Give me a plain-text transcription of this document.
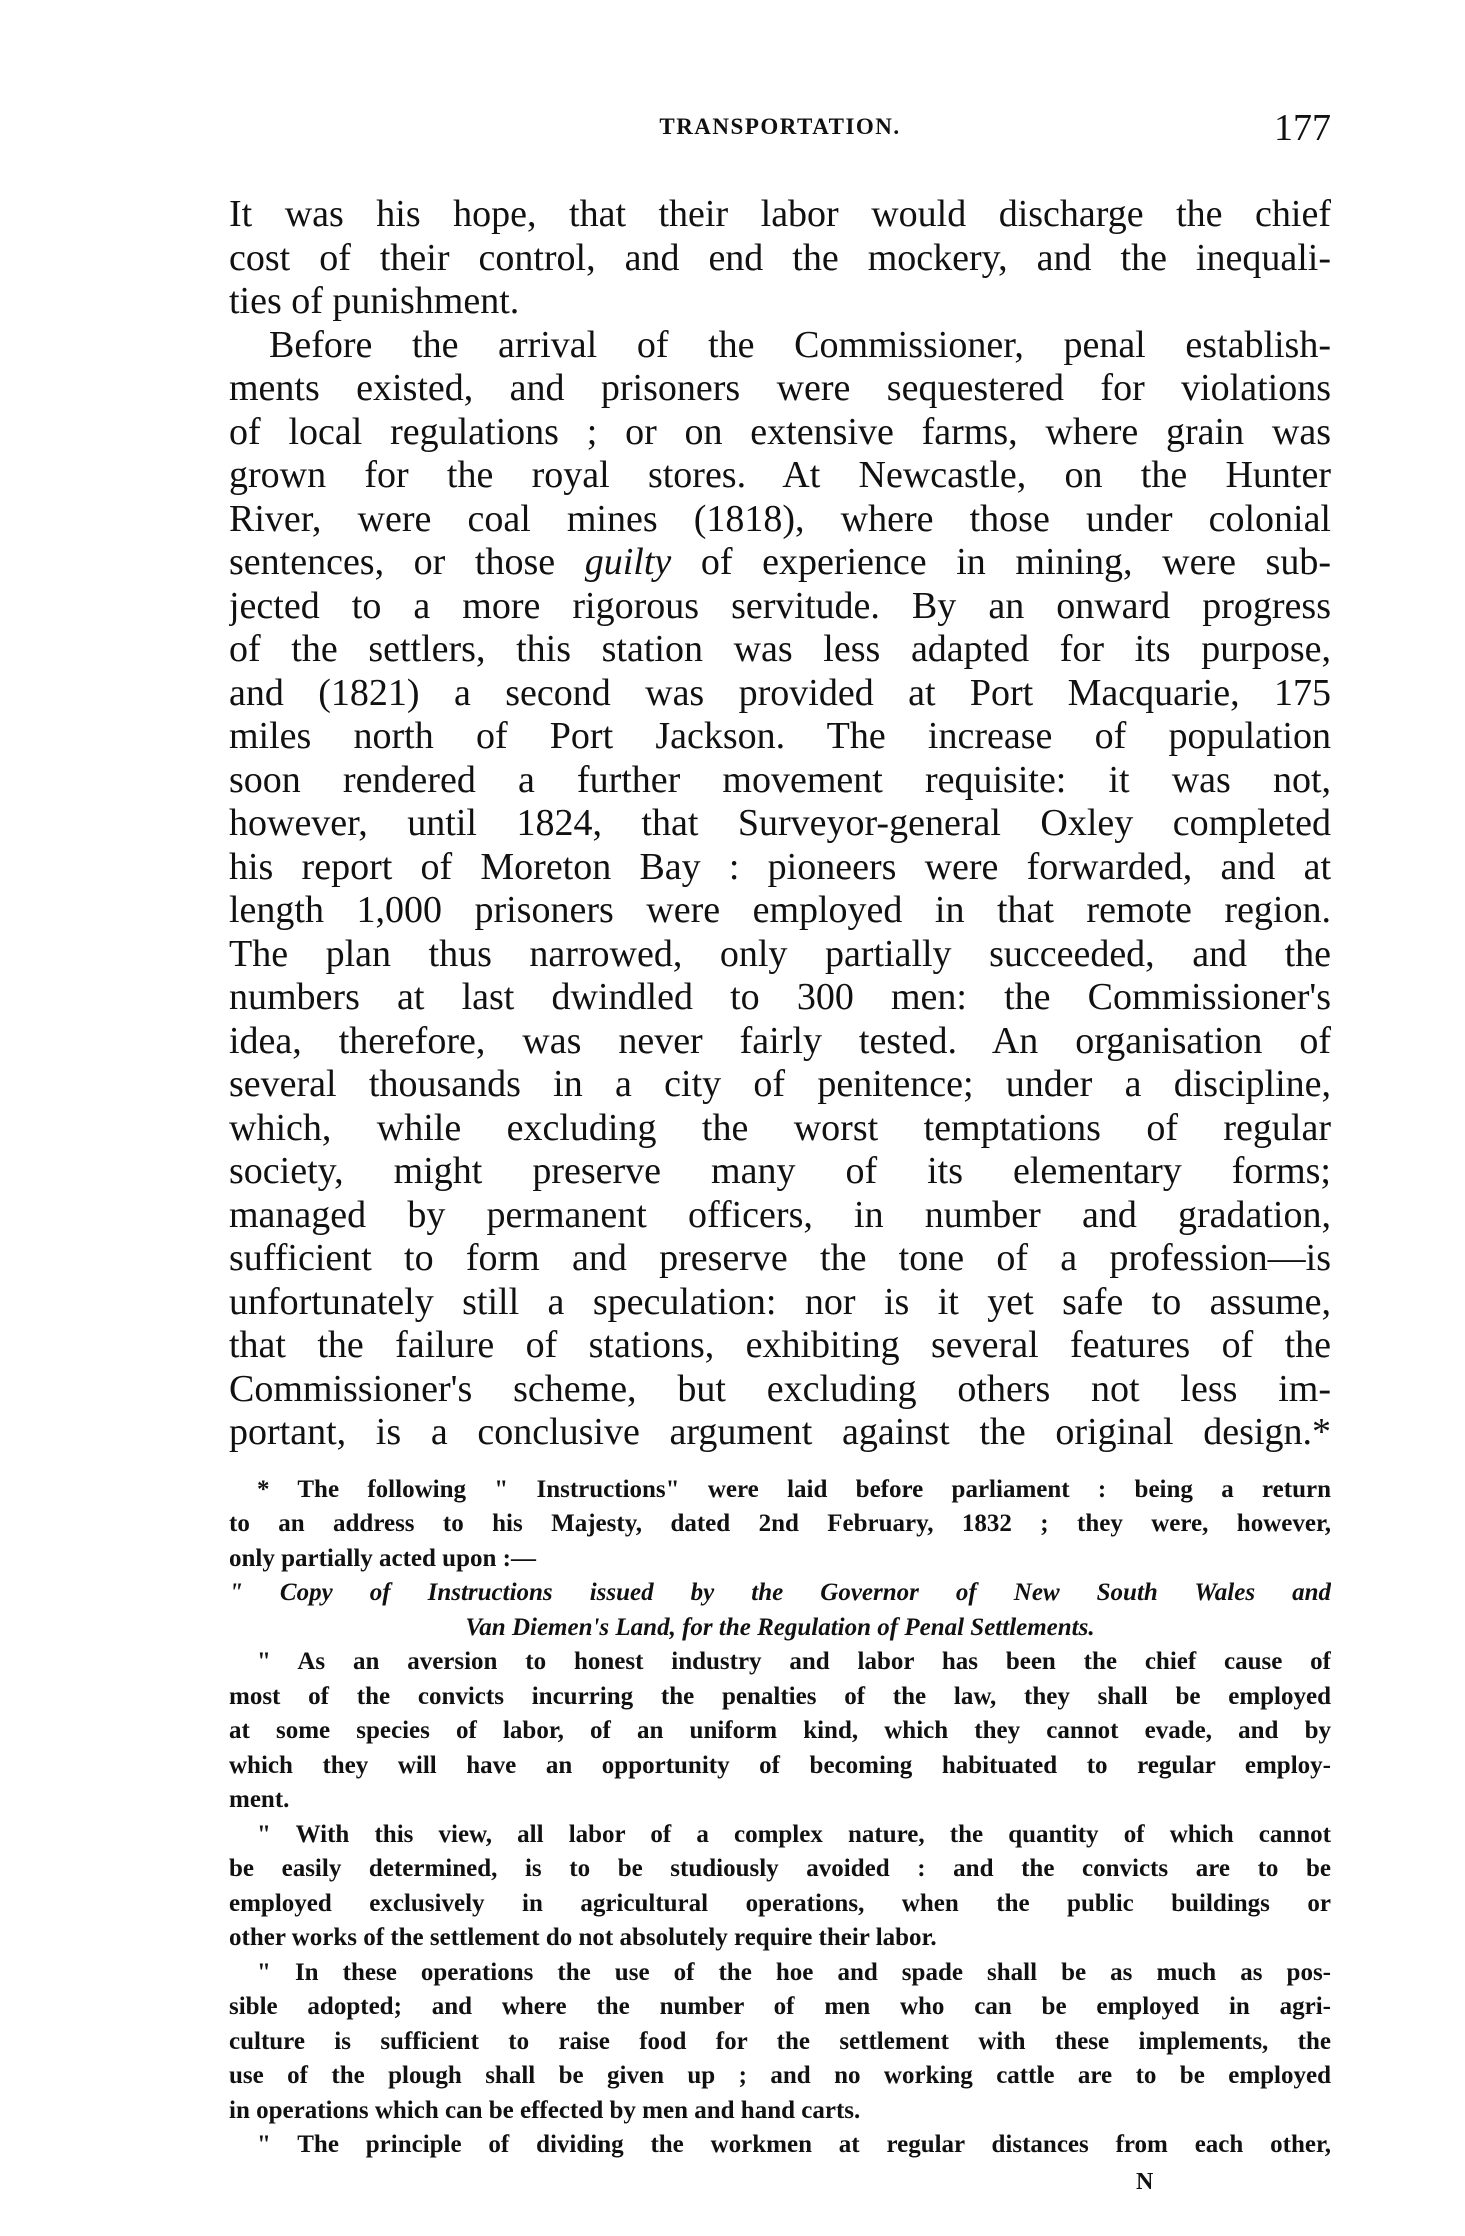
TRANSPORTATION.	177
It was his hope, that their labor would discharge the chief
cost of their control, and end the mockery, and the inequali-
ties of punishment.
Before the arrival of the Commissioner, penal establish-
ments existed, and prisoners were sequestered for violations
of local regulations ; or on extensive farms, where grain was
grown for the royal stores. At Newcastle, on the Hunter
River, were coal mines (1818), where those under colonial
sentences, or those guilty of experience in mining, were sub-
jected to a more rigorous servitude. By an onward progress
of the settlers, this station was less adapted for its purpose,
and (1821) a second was provided at Port Macquarie, 175
miles north of Port Jackson. The increase of population
soon rendered a further movement requisite: it was not,
however, until 1824, that Surveyor-general Oxley completed
his report of Moreton Bay : pioneers were forwarded, and at
length 1,000 prisoners were employed in that remote region.
The plan thus narrowed, only partially succeeded, and the
numbers at last dwindled to 300 men: the Commissioner's
idea, therefore, was never fairly tested. An organisation of
several thousands in a city of penitence; under a discipline,
which, while excluding the worst temptations of regular
society, might preserve many of its elementary forms;
managed by permanent officers, in number and gradation,
sufficient to form and preserve the tone of a profession—is
unfortunately still a speculation: nor is it yet safe to assume,
that the failure of stations, exhibiting several features of the
Commissioner's scheme, but excluding others not less im-
portant, is a conclusive argument against the original design.*
* The following " Instructions" were laid before parliament : being a return
to an address to his Majesty, dated 2nd February, 1832 ; they were, however,
only partially acted upon :—
" Copy of Instructions issued by the Governor of New South Wales and
Van Diemen's Land, for the Regulation of Penal Settlements.
" As an aversion to honest industry and labor has been the chief cause of
most of the convicts incurring the penalties of the law, they shall be employed
at some species of labor, of an uniform kind, which they cannot evade, and by
which they will have an opportunity of becoming habituated to regular employ-
ment.
" With this view, all labor of a complex nature, the quantity of which cannot
be easily determined, is to be studiously avoided : and the convicts are to be
employed exclusively in agricultural operations, when the public buildings or
other works of the settlement do not absolutely require their labor.
" In these operations the use of the hoe and spade shall be as much as pos-
sible adopted; and where the number of men who can be employed in agri-
culture is sufficient to raise food for the settlement with these implements, the
use of the plough shall be given up ; and no working cattle are to be employed
in operations which can be effected by men and hand carts.
" The principle of dividing the workmen at regular distances from each other,
N
